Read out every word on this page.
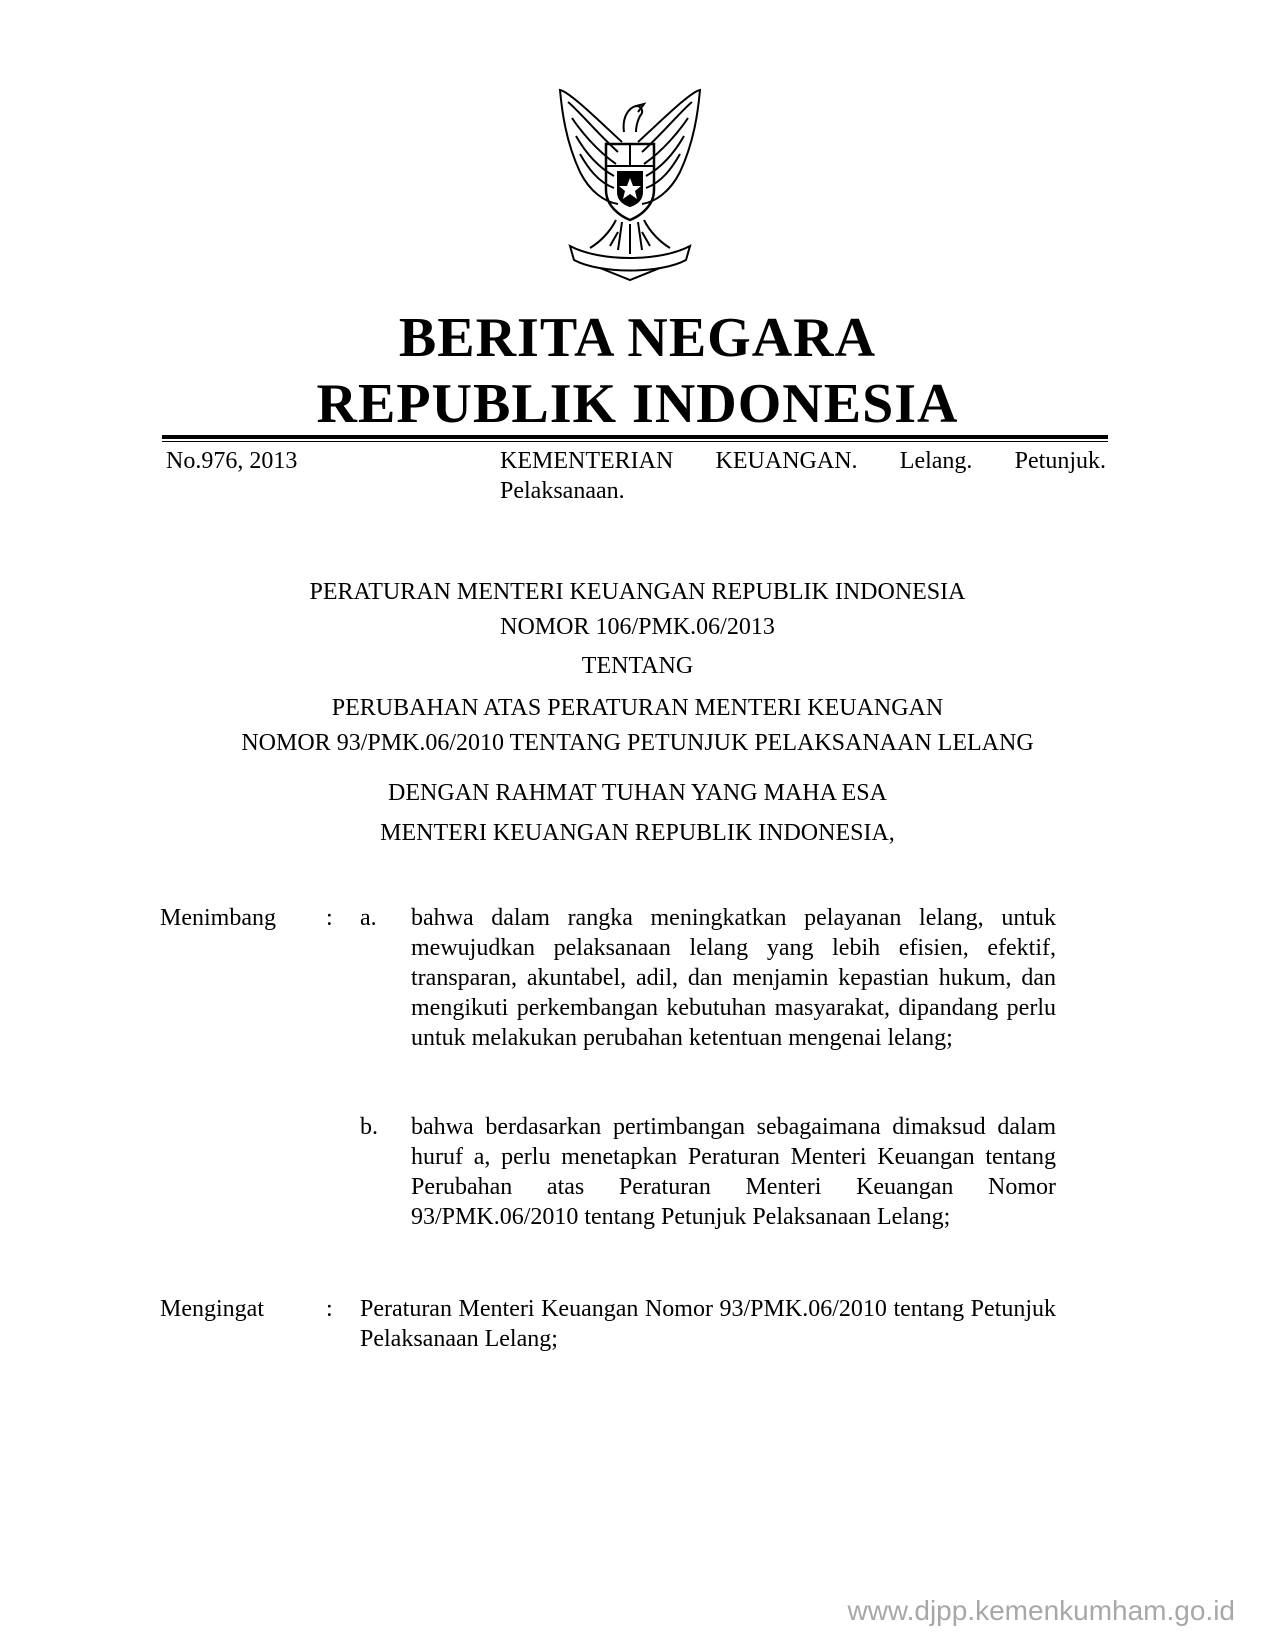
BERITA NEGARA
REPUBLIK INDONESIA
No.976, 2013	KEMENTERIAN KEUANGAN. Lelang. Petunjuk. Pelaksanaan.
PERATURAN MENTERI KEUANGAN REPUBLIK INDONESIA
NOMOR 106/PMK.06/2013
TENTANG
PERUBAHAN ATAS PERATURAN MENTERI KEUANGAN
NOMOR 93/PMK.06/2010 TENTANG PETUNJUK PELAKSANAAN LELANG
DENGAN RAHMAT TUHAN YANG MAHA ESA
MENTERI KEUANGAN REPUBLIK INDONESIA,
Menimbang : a. bahwa dalam rangka meningkatkan pelayanan lelang, untuk mewujudkan pelaksanaan lelang yang lebih efisien, efektif, transparan, akuntabel, adil, dan menjamin kepastian hukum, dan mengikuti perkembangan kebutuhan masyarakat, dipandang perlu untuk melakukan perubahan ketentuan mengenai lelang;
b. bahwa berdasarkan pertimbangan sebagaimana dimaksud dalam huruf a, perlu menetapkan Peraturan Menteri Keuangan tentang Perubahan atas Peraturan Menteri Keuangan Nomor 93/PMK.06/2010 tentang Petunjuk Pelaksanaan Lelang;
Mengingat	: Peraturan Menteri Keuangan Nomor 93/PMK.06/2010 tentang Petunjuk Pelaksanaan Lelang;
www.djpp.kemenkumham.go.id
